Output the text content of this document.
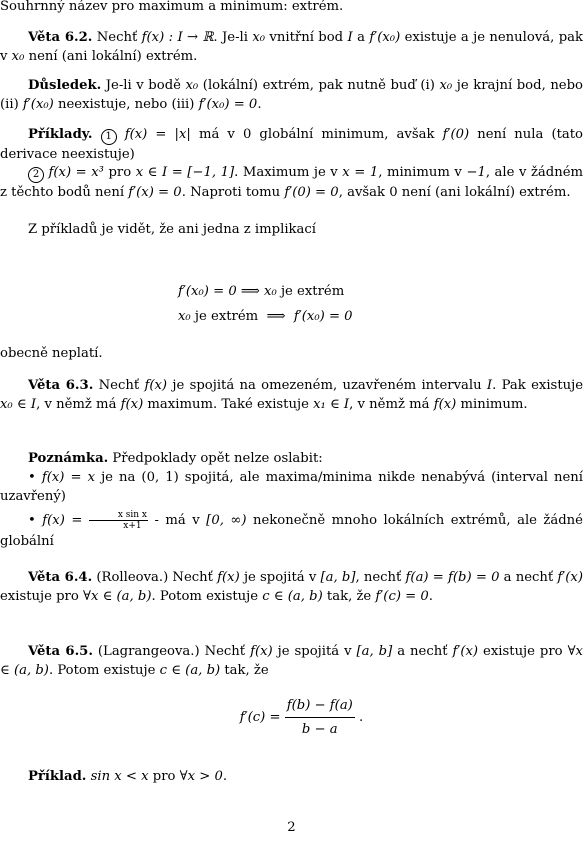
Souhrnný název pro maximum a minimum: extrém.
Věta 6.2. Nechť f(x) : I → ℝ. Je-li x₀ vnitřní bod I a f′(x₀) existuje a je nenulová, pak v x₀ není (ani lokální) extrém.
Důsledek. Je-li v bodě x₀ (lokální) extrém, pak nutně buď (i) x₀ je krajní bod, nebo (ii) f′(x₀) neexistuje, nebo (iii) f′(x₀) = 0.
Příklady. 1 f(x) = |x| má v 0 globální minimum, avšak f′(0) není nula (tato derivace neexistuje)
2 f(x) = x³ pro x ∈ I = [−1, 1]. Maximum je v x = 1, minimum v −1, ale v žádném z těchto bodů není f′(x) = 0. Naproti tomu f′(0) = 0, avšak 0 není (ani lokální) extrém.
Z příkladů je vidět, že ani jedna z implikací
f′(x₀) = 0 ⟹ x₀ je extrém
x₀ je extrém ⟹ f′(x₀) = 0
obecně neplatí.
Věta 6.3. Nechť f(x) je spojitá na omezeném, uzavřeném intervalu I. Pak existuje x₀ ∈ I, v němž má f(x) maximum. Také existuje x₁ ∈ I, v němž má f(x) minimum.
Poznámka. Předpoklady opět nelze oslabit:
• f(x) = x je na (0, 1) spojitá, ale maxima/minima nikde nenabývá (interval není uzavřený)
• $f(x) = \frac{\text{x sin x}}{x+1}$ - má v [0, ∞) nekonečně mnoho lokálních extrémů, ale žádné globální
Věta 6.4. (Rolleova.) Nechť f(x) je spojitá v [a, b], nechť f(a) = f(b) = 0 a nechť f′(x) existuje pro ∀x ∈ (a, b). Potom existuje c ∈ (a, b) tak, že f′(c) = 0.
Věta 6.5. (Lagrangeova.) Nechť f(x) je spojitá v [a, b] a nechť f′(x) existuje pro ∀x ∈ (a, b). Potom existuje c ∈ (a, b) tak, že
$f'(c) = \frac{f(b) - f(a)}{b - a}$ .
Příklad. sin x < x pro ∀x > 0.
2
